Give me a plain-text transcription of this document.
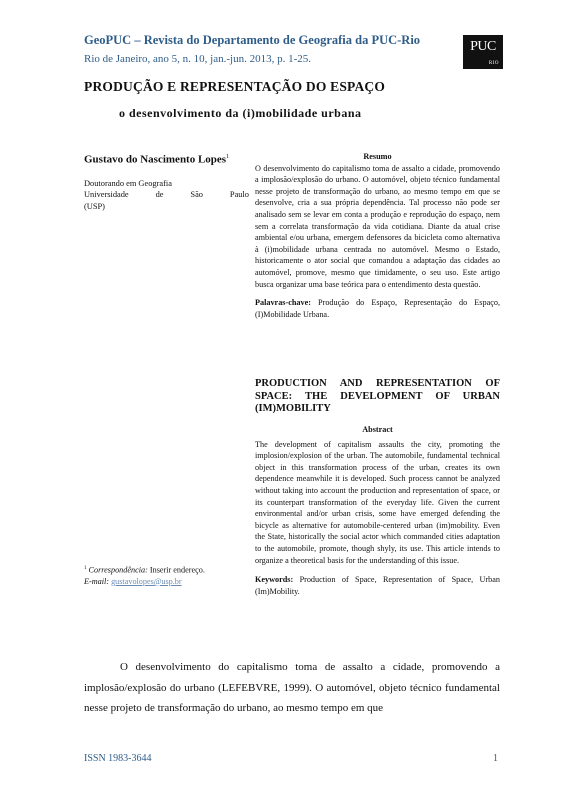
GeoPUC – Revista do Departamento de Geografia da PUC-Rio
Rio de Janeiro, ano 5, n. 10, jan.-jun. 2013, p. 1-25.
PUC
RIO
PRODUÇÃO E REPRESENTAÇÃO DO ESPAÇO
o desenvolvimento da (i)mobilidade urbana
Gustavo do Nascimento Lopes$^1$
Doutorando em Geografia
Universidade de São Paulo
(USP)
Resumo
O desenvolvimento do capitalismo toma de assalto a cidade, promovendo a implosão/explosão do urbano. O automóvel, objeto técnico fundamental nesse projeto de transformação do urbano, ao mesmo tempo em que se desenvolve, cria a sua própria dependência. Tal processo não pode ser analisado sem se levar em conta a produção e reprodução do espaço, nem sem a correlata transformação da vida cotidiana. Diante da atual crise ambiental e/ou urbana, emergem defensores da bicicleta como alternativa à (i)mobilidade urbana centrada no automóvel. Mesmo o Estado, historicamente o ator social que comandou a adaptação das cidades ao automóvel, promove, mesmo que timidamente, o seu uso. Este artigo busca organizar uma base teórica para o entendimento desta questão.
Palavras-chave: Produção do Espaço, Representação do Espaço, (I)Mobilidade Urbana.
PRODUCTION AND REPRESENTATION OF SPACE: THE DEVELOPMENT OF URBAN (IM)MOBILITY
Abstract
The development of capitalism assaults the city, promoting the implosion/explosion of the urban. The automobile, fundamental technical object in this transformation process of the urban, creates its own dependence meanwhile it is developed. Such process cannot be analyzed without taking into account the production and representation of space, or its counterpart transformation of the everyday life. Given the current environmental and/or urban crisis, some have emerged defending the bicycle as alternative for automobile-centered urban (im)mobility. Even the State, historically the social actor which commanded cities adaptation to the automobile, promote, though shyly, its use. This article intends to organize a theoretical basis for the understanding of this issue.
Keywords: Production of Space, Representation of Space, Urban (Im)Mobility.
$^1$ Correspondência: Inserir endereço.
E-mail: gustavolopes@usp.br

O desenvolvimento do capitalismo toma de assalto a cidade, promovendo a implosão/explosão do urbano (LEFEBVRE, 1999). O automóvel, objeto técnico fundamental nesse projeto de transformação do urbano, ao mesmo tempo em que

ISSN 1983-3644	1
